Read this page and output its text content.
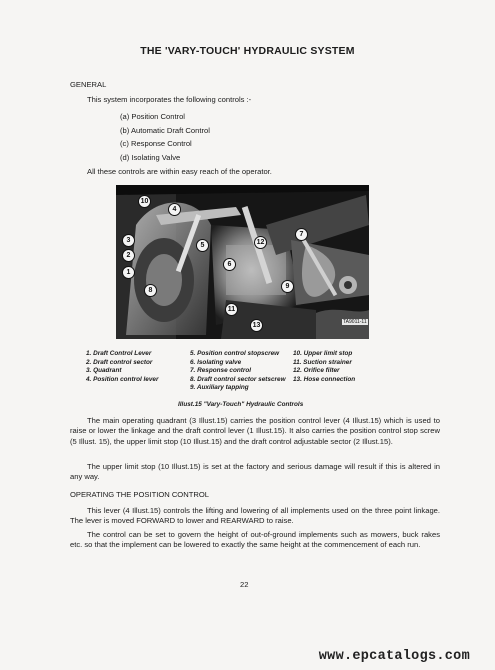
THE 'VARY-TOUCH' HYDRAULIC SYSTEM
GENERAL
This system incorporates the following controls :-
(a) Position Control
(b) Automatic Draft Control
(c) Response Control
(d) Isolating Valve
All these controls are within easy reach of the operator.
10
4
3
2
1
8
5
6
12
7
9
11
13	TA9011-11
1. Draft Control Lever
2. Draft control sector
3. Quadrant
4. Position control lever
5. Position control stopscrew
6. Isolating valve
7. Response control
8. Draft control sector setscrew
9. Auxiliary tapping
10. Upper limit stop
11. Suction strainer
12. Orifice filter
13. Hose connection
Illust.15 "Vary-Touch" Hydraulic Controls
The main operating quadrant (3 Illust.15) carries the position control lever (4 Illust.15) which is used to raise or lower the linkage and the draft control lever (1 Illust.15). It also carries the position control stop screw (5 Illust. 15), the upper limit stop (10 Illust.15) and the draft control adjustable sector (2 Illust.15).
The upper limit stop (10 Illust.15) is set at the factory and serious damage will result if this is altered in any way.
OPERATING THE POSITION CONTROL
This lever (4 Illust.15) controls the lifting and lowering of all implements used on the three point linkage. The lever is moved FORWARD to lower and REARWARD to raise.
The control can be set to govern the height of out-of-ground implements such as mowers, buck rakes etc. so that the implement can be lowered to exactly the same height at the commencement of each run.
22
www.epcatalogs.com
